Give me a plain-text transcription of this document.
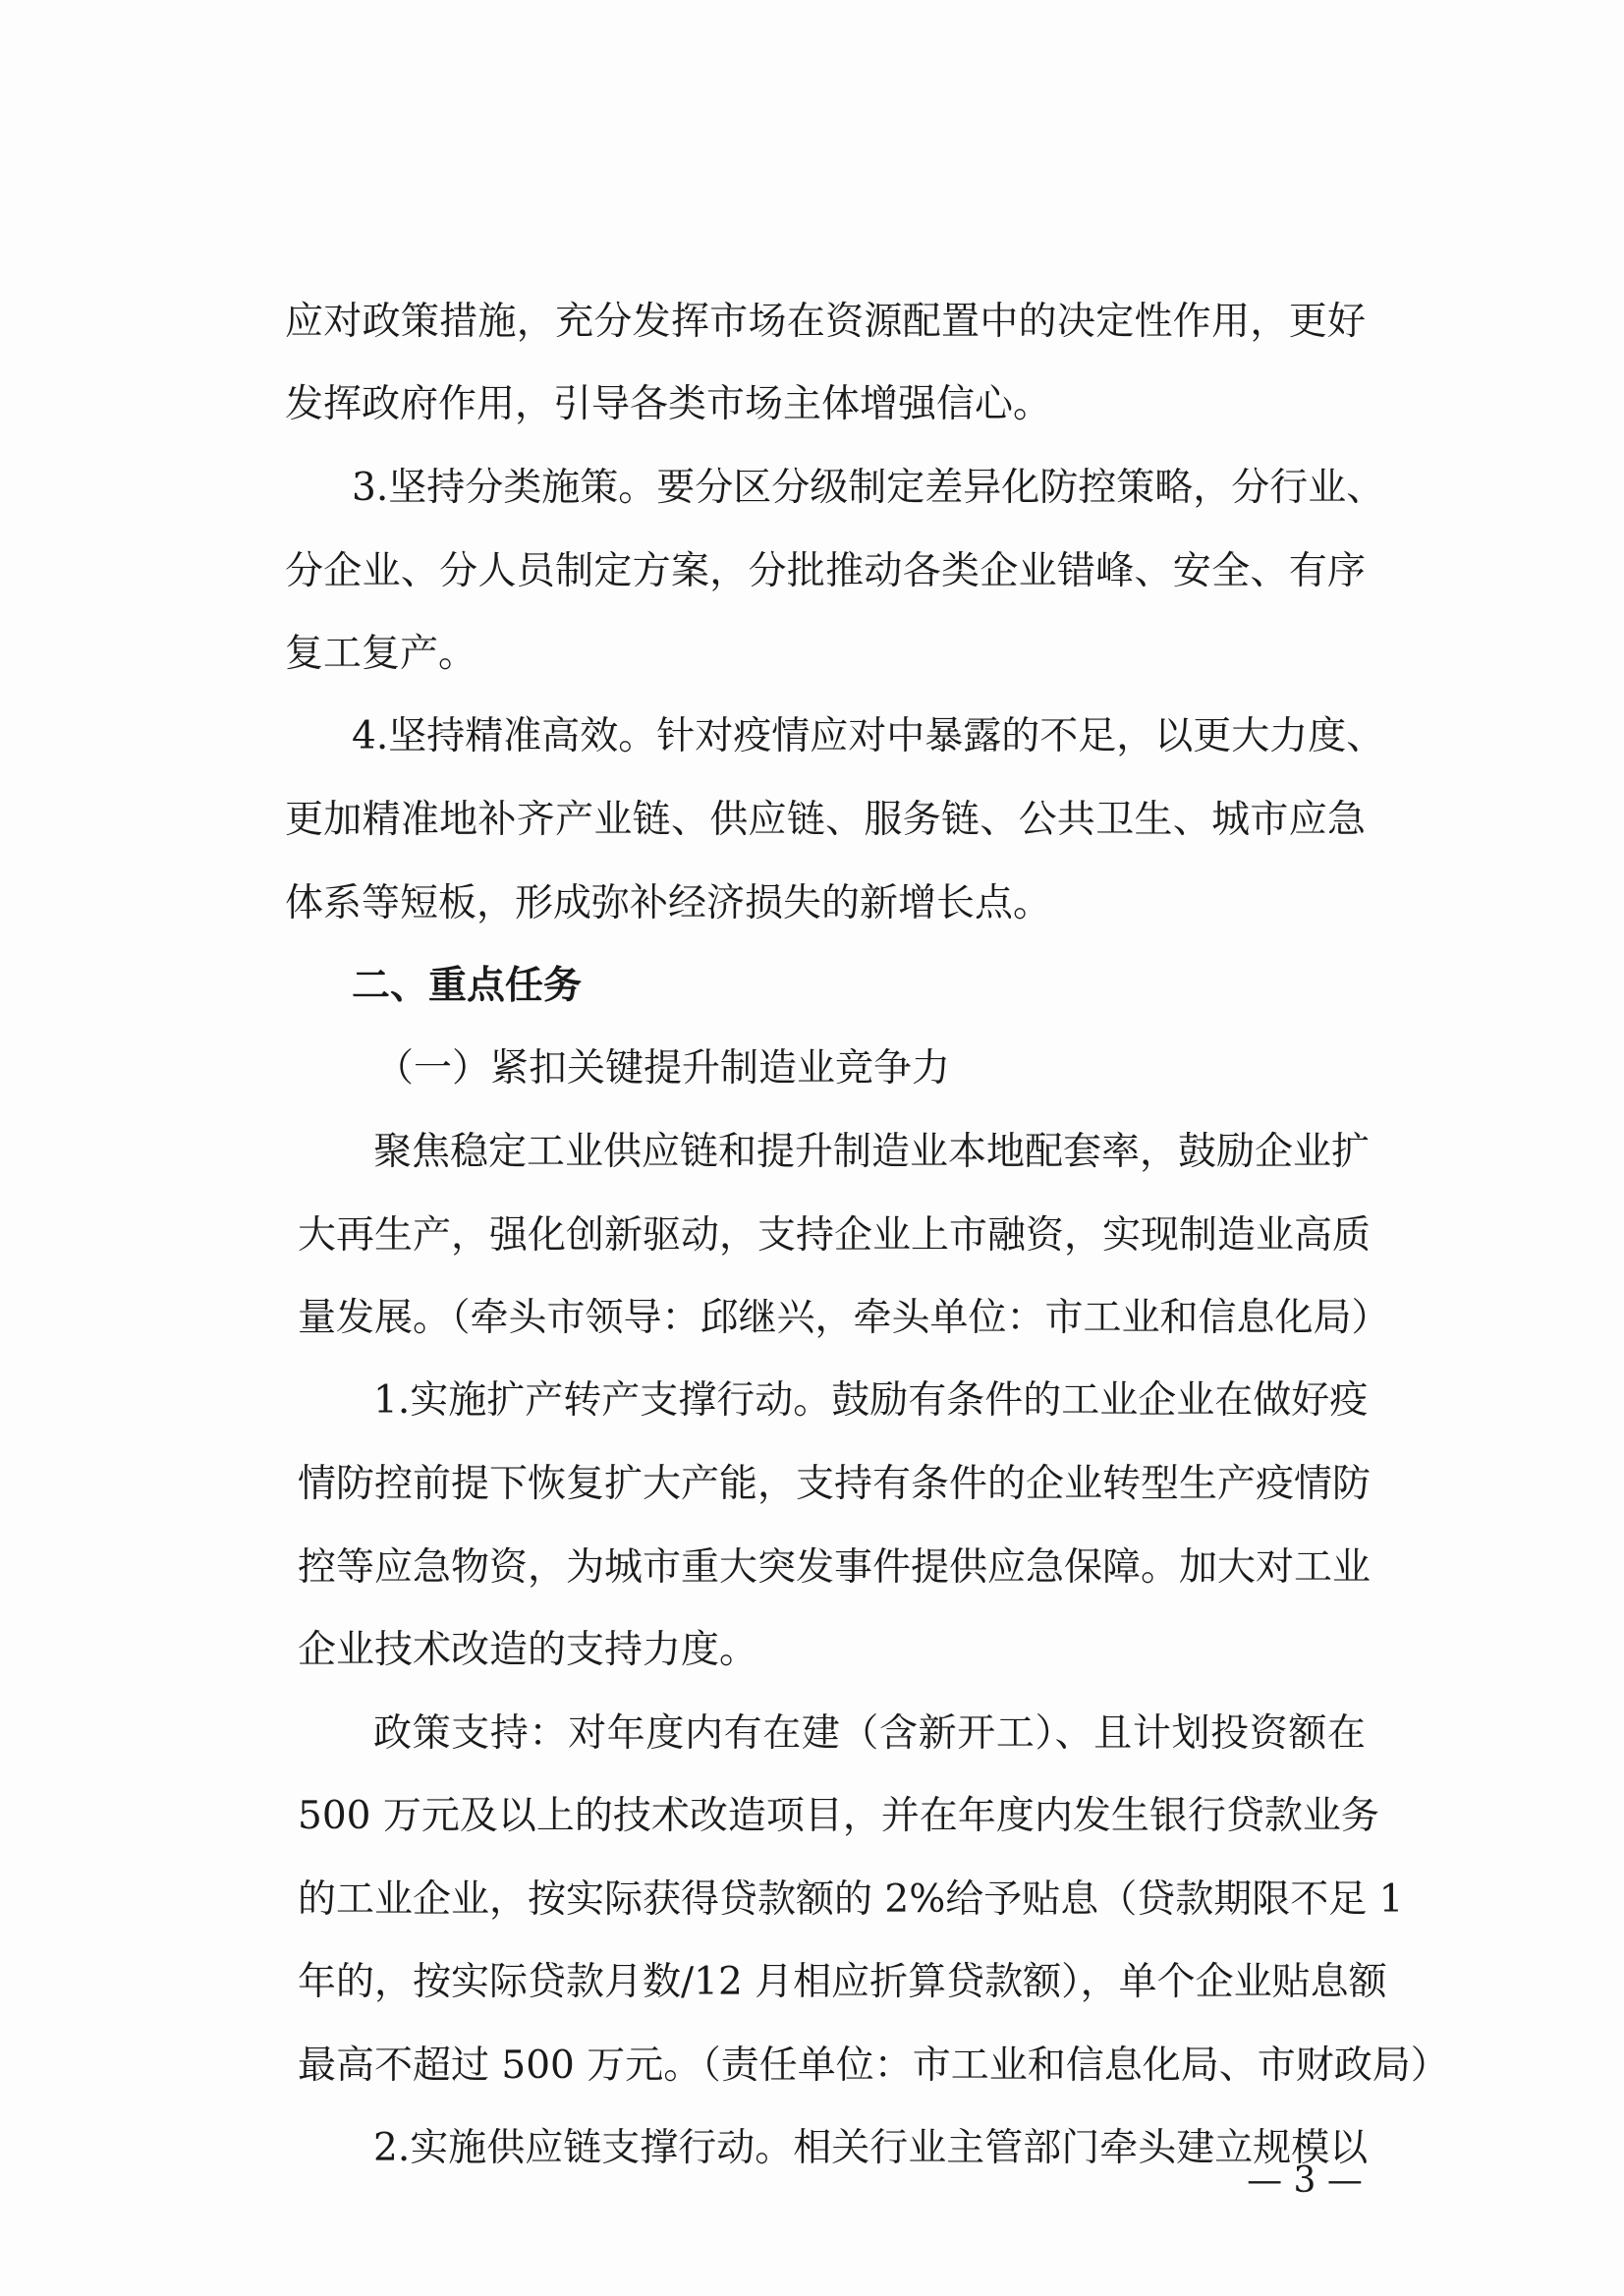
— 3 —
应对政策措施，充分发挥市场在资源配置中的决定性作用，更好
发挥政府作用，引导各类市场主体增强信心。
3.坚持分类施策。要分区分级制定差异化防控策略，分行业、
分企业、分人员制定方案，分批推动各类企业错峰、安全、有序
复工复产。
4.坚持精准高效。针对疫情应对中暴露的不足，以更大力度、
更加精准地补齐产业链、供应链、服务链、公共卫生、城市应急
体系等短板，形成弥补经济损失的新增长点。
二、重点任务
（一）紧扣关键提升制造业竞争力
聚焦稳定工业供应链和提升制造业本地配套率，鼓励企业扩
大再生产，强化创新驱动，支持企业上市融资，实现制造业高质
量发展。（牵头市领导：邱继兴，牵头单位：市工业和信息化局）
1.实施扩产转产支撑行动。鼓励有条件的工业企业在做好疫
情防控前提下恢复扩大产能，支持有条件的企业转型生产疫情防
控等应急物资，为城市重大突发事件提供应急保障。加大对工业
企业技术改造的支持力度。
政策支持：对年度内有在建（含新开工）、且计划投资额在
500 万元及以上的技术改造项目，并在年度内发生银行贷款业务
的工业企业，按实际获得贷款额的 2%给予贴息（贷款期限不足 1
年的，按实际贷款月数/12 月相应折算贷款额），单个企业贴息额
最高不超过 500 万元。（责任单位：市工业和信息化局、市财政局）
2.实施供应链支撑行动。相关行业主管部门牵头建立规模以
